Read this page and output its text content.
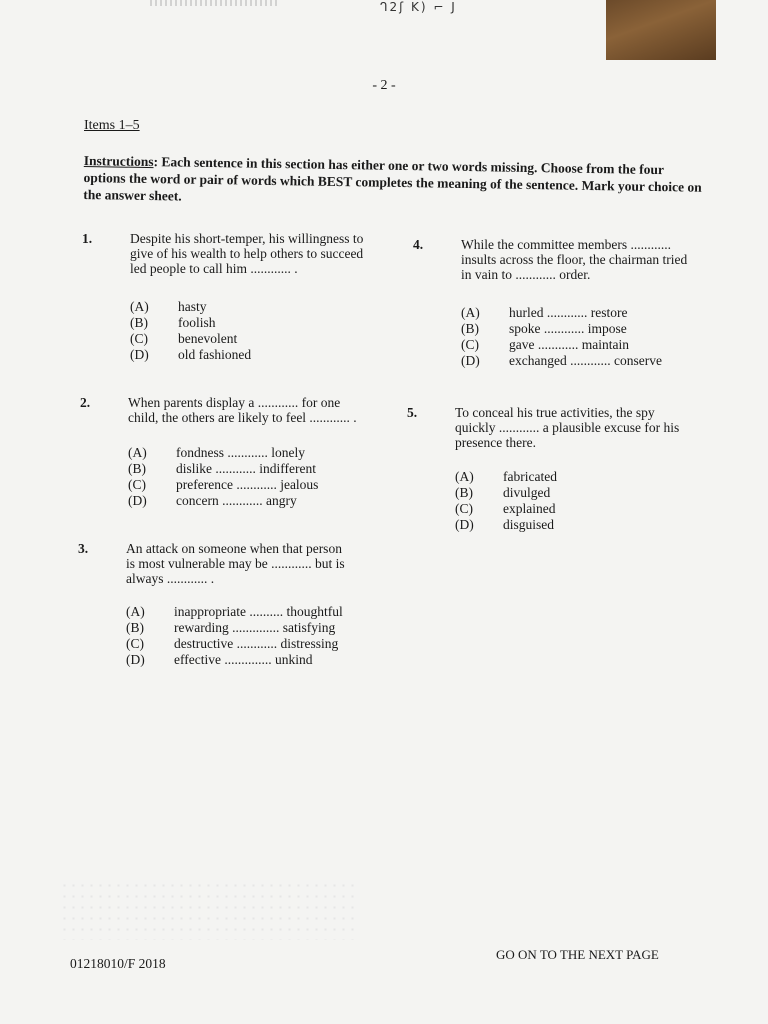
ᒉ2ʃ K) ⌐ J
- 2 -
Items 1–5
Instructions: Each sentence in this section has either one or two words missing. Choose from the four options the word or pair of words which BEST completes the meaning of the sentence. Mark your choice on the answer sheet.
1.	Despite his short-temper, his willingness to
give of his wealth to help others to succeed
led people to call him ............ .
(A) hasty
(B) foolish
(C) benevolent
(D) old fashioned
2.	When parents display a ............ for one
child, the others are likely to feel ............ .
(A) fondness ............ lonely
(B) dislike ............ indifferent
(C) preference ............ jealous
(D) concern ............ angry
3.	An attack on someone when that person
is most vulnerable may be ............ but is
always ............ .
(A) inappropriate .......... thoughtful
(B) rewarding .............. satisfying
(C) destructive ............ distressing
(D) effective .............. unkind
4.	While the committee members ............
insults across the floor, the chairman tried
in vain to ............ order.
(A) hurled ............ restore
(B) spoke ............ impose
(C) gave ............ maintain
(D) exchanged ............ conserve
5.	To conceal his true activities, the spy
quickly ............ a plausible excuse for his
presence there.
(A) fabricated
(B) divulged
(C) explained
(D) disguised
GO ON TO THE NEXT PAGE
01218010/F 2018
